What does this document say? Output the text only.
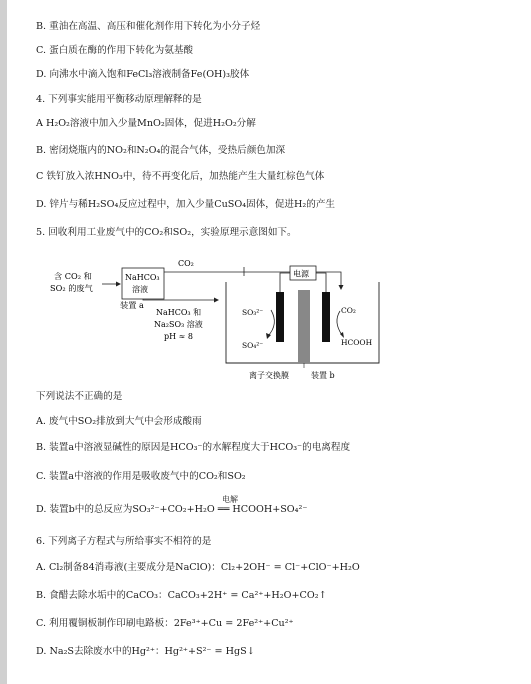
B. 重油在高温、高压和催化剂作用下转化为小分子烃
C. 蛋白质在酶的作用下转化为氨基酸
D. 向沸水中滴入饱和FeCl₃溶液制备Fe(OH)₃胶体
4. 下列事实能用平衡移动原理解释的是
A H₂O₂溶液中加入少量MnO₂固体，促进H₂O₂分解
B. 密闭烧瓶内的NO₂和N₂O₄的混合气体，受热后颜色加深
C 铁钉放入浓HNO₃中，待不再变化后，加热能产生大量红棕色气体
D. 锌片与稀H₂SO₄反应过程中，加入少量CuSO₄固体，促进H₂的产生
5. 回收利用工业废气中的CO₂和SO₂，实验原理示意图如下。
下列说法不正确的是
A. 废气中SO₂排放到大气中会形成酸雨
B. 装置a中溶液显碱性的原因是HCO₃⁻的水解程度大于HCO₃⁻的电离程度
C. 装置a中溶液的作用是吸收废气中的CO₂和SO₂
D. 装置b中的总反应为SO₃²⁻+CO₂+H₂O ══ HCOOH+SO₄²⁻
6. 下列离子方程式与所给事实不相符的是
A. Cl₂制备84消毒液(主要成分是NaClO)：Cl₂+2OH⁻ = Cl⁻+ClO⁻+H₂O
B. 食醋去除水垢中的CaCO₃：CaCO₃+2H⁺ = Ca²⁺+H₂O+CO₂↑
C. 利用覆铜板制作印刷电路板：2Fe³⁺+Cu = 2Fe²⁺+Cu²⁺
D. Na₂S去除废水中的Hg²⁺：Hg²⁺+S²⁻ = HgS↓
含 CO₂ 和
SO₂ 的废气
NaHCO₃
溶液
装置 a
CO₂
NaHCO₃ 和
Na₂SO₃ 溶液
pH ≈ 8
电源
SO₃²⁻
SO₄²⁻
CO₂
HCOOH
离子交换膜	装置 b
电解
